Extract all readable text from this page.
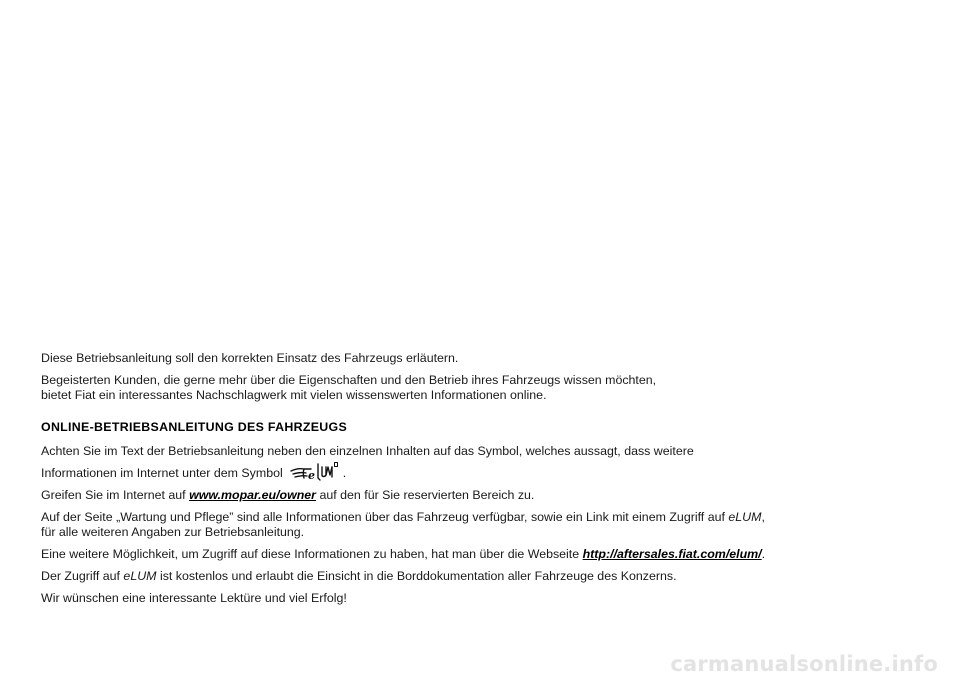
Diese Betriebsanleitung soll den korrekten Einsatz des Fahrzeugs erläutern.

Begeisterten Kunden, die gerne mehr über die Eigenschaften und den Betrieb ihres Fahrzeugs wissen möchten,

bietet Fiat ein interessantes Nachschlagwerk mit vielen wissenswerten Informationen online.

ONLINE-BETRIEBSANLEITUNG DES FAHRZEUGS

Achten Sie im Text der Betriebsanleitung neben den einzelnen Inhalten auf das Symbol, welches aussagt, dass weitere

Informationen im Internet unter dem Symbol e .

Greifen Sie im Internet auf www.mopar.eu/owner auf den für Sie reservierten Bereich zu.

Auf der Seite „Wartung und Pflege” sind alle Informationen über das Fahrzeug verfügbar, sowie ein Link mit einem Zugriff auf eLUM,

für alle weiteren Angaben zur Betriebsanleitung.

Eine weitere Möglichkeit, um Zugriff auf diese Informationen zu haben, hat man über die Webseite http://aftersales.fiat.com/elum/.

Der Zugriff auf eLUM ist kostenlos und erlaubt die Einsicht in die Borddokumentation aller Fahrzeuge des Konzerns.

Wir wünschen eine interessante Lektüre und viel Erfolg!

carmanualsonline.info
